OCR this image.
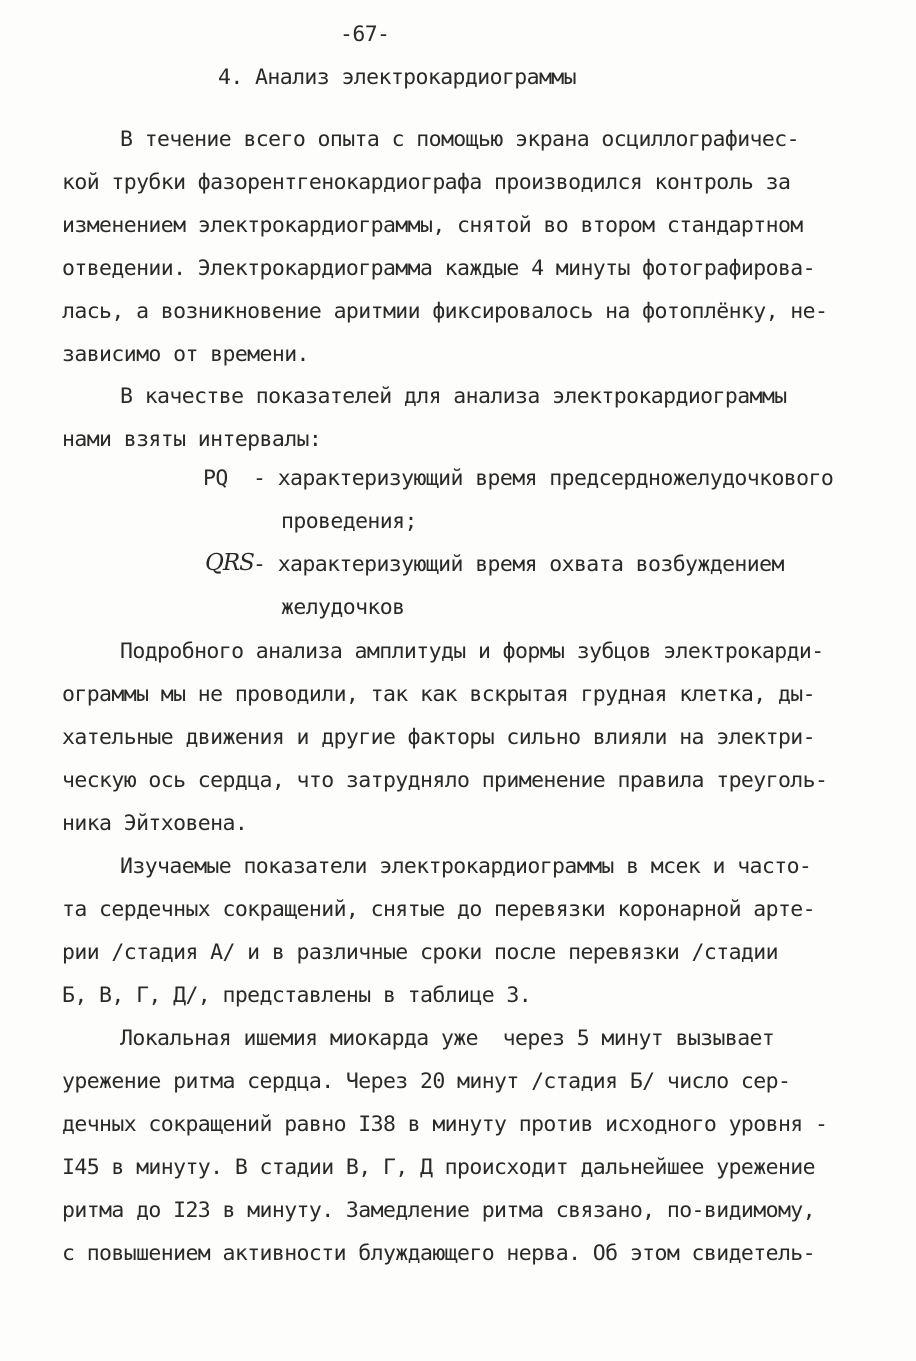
-67-
4. Анализ электрокардиограммы
В течение всего опыта с помощью экрана осциллографичес-
кой трубки фазорентгенокардиографа производился контроль за
изменением электрокардиограммы, снятой во втором стандартном
отведении. Электрокардиограмма каждые 4 минуты фотографирова-
лась, а возникновение аритмии фиксировалось на фотоплёнку, не-
зависимо от времени.
В качестве показателей для анализа электрокардиограммы
нами взяты интервалы:
PQ - характеризующий время предсердножелудочкового
проведения;
QRS - характеризующий время охвата возбуждением
желудочков
Подробного анализа амплитуды и формы зубцов электрокарди-
ограммы мы не проводили, так как вскрытая грудная клетка, ды-
хательные движения и другие факторы сильно влияли на электри-
ческую ось сердца, что затрудняло применение правила треуголь-
ника Эйтховена.
Изучаемые показатели электрокардиограммы в мсек и часто-
та сердечных сокращений, снятые до перевязки коронарной арте-
рии /стадия А/ и в различные сроки после перевязки /стадии
Б, В, Г, Д/, представлены в таблице 3.
Локальная ишемия миокарда уже  через 5 минут вызывает
урежение ритма сердца. Через 20 минут /стадия Б/ число сер-
дечных сокращений равно I38 в минуту против исходного уровня -
I45 в минуту. В стадии В, Г, Д происходит дальнейшее урежение
ритма до I23 в минуту. Замедление ритма связано, по-видимому,
с повышением активности блуждающего нерва. Об этом свидетель-
